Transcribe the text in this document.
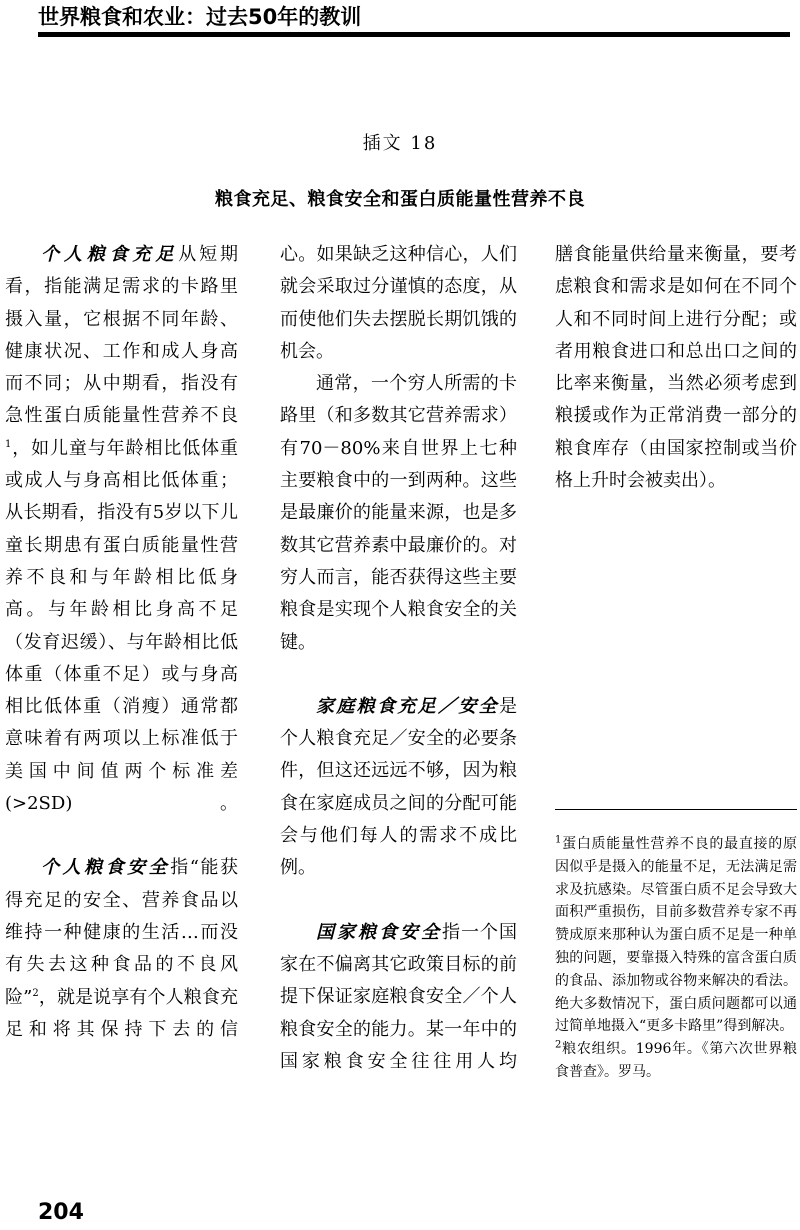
世界粮食和农业：过去50年的教训
插文 18
粮食充足、粮食安全和蛋白质能量性营养不良

个人粮食充足从短期看，指能满足需求的卡路里摄入量，它根据不同年龄、健康状况、工作和成人身高而不同；从中期看，指没有急性蛋白质能量性营养不良$^1$，如儿童与年龄相比低体重或成人与身高相比低体重；从长期看，指没有5岁以下儿童长期患有蛋白质能量性营养不良和与年龄相比低身高。与年龄相比身高不足（发育迟缓）、与年龄相比低体重（体重不足）或与身高相比低体重（消瘦）通常都意味着有两项以上标准低于美国中间值两个标准差(>2SD)。

个人粮食安全指“能获得充足的安全、营养食品以维持一种健康的生活…而没有失去这种食品的不良风险”$^2$，就是说享有个人粮食充足和将其保持下去的信

心。如果缺乏这种信心，人们就会采取过分谨慎的态度，从而使他们失去摆脱长期饥饿的机会。

通常，一个穷人所需的卡路里（和多数其它营养需求）有70－80%来自世界上七种主要粮食中的一到两种。这些是最廉价的能量来源，也是多数其它营养素中最廉价的。对穷人而言，能否获得这些主要粮食是实现个人粮食安全的关键。

家庭粮食充足／安全是个人粮食充足／安全的必要条件，但这还远远不够，因为粮食在家庭成员之间的分配可能会与他们每人的需求不成比例。

国家粮食安全指一个国家在不偏离其它政策目标的前提下保证家庭粮食安全／个人粮食安全的能力。某一年中的国家粮食安全往往用人均

膳食能量供给量来衡量，要考虑粮食和需求是如何在不同个人和不同时间上进行分配；或者用粮食进口和总出口之间的比率来衡量，当然必须考虑到粮援或作为正常消费一部分的粮食库存（由国家控制或当价格上升时会被卖出）。

$^1$蛋白质能量性营养不良的最直接的原因似乎是摄入的能量不足，无法满足需求及抗感染。尽管蛋白质不足会导致大面积严重损伤，目前多数营养专家不再赞成原来那种认为蛋白质不足是一种单独的问题，要靠摄入特殊的富含蛋白质的食品、添加物或谷物来解决的看法。绝大多数情况下，蛋白质问题都可以通过简单地摄入“更多卡路里”得到解决。

$^2$粮农组织。1996年。《第六次世界粮食普查》。罗马。

204
